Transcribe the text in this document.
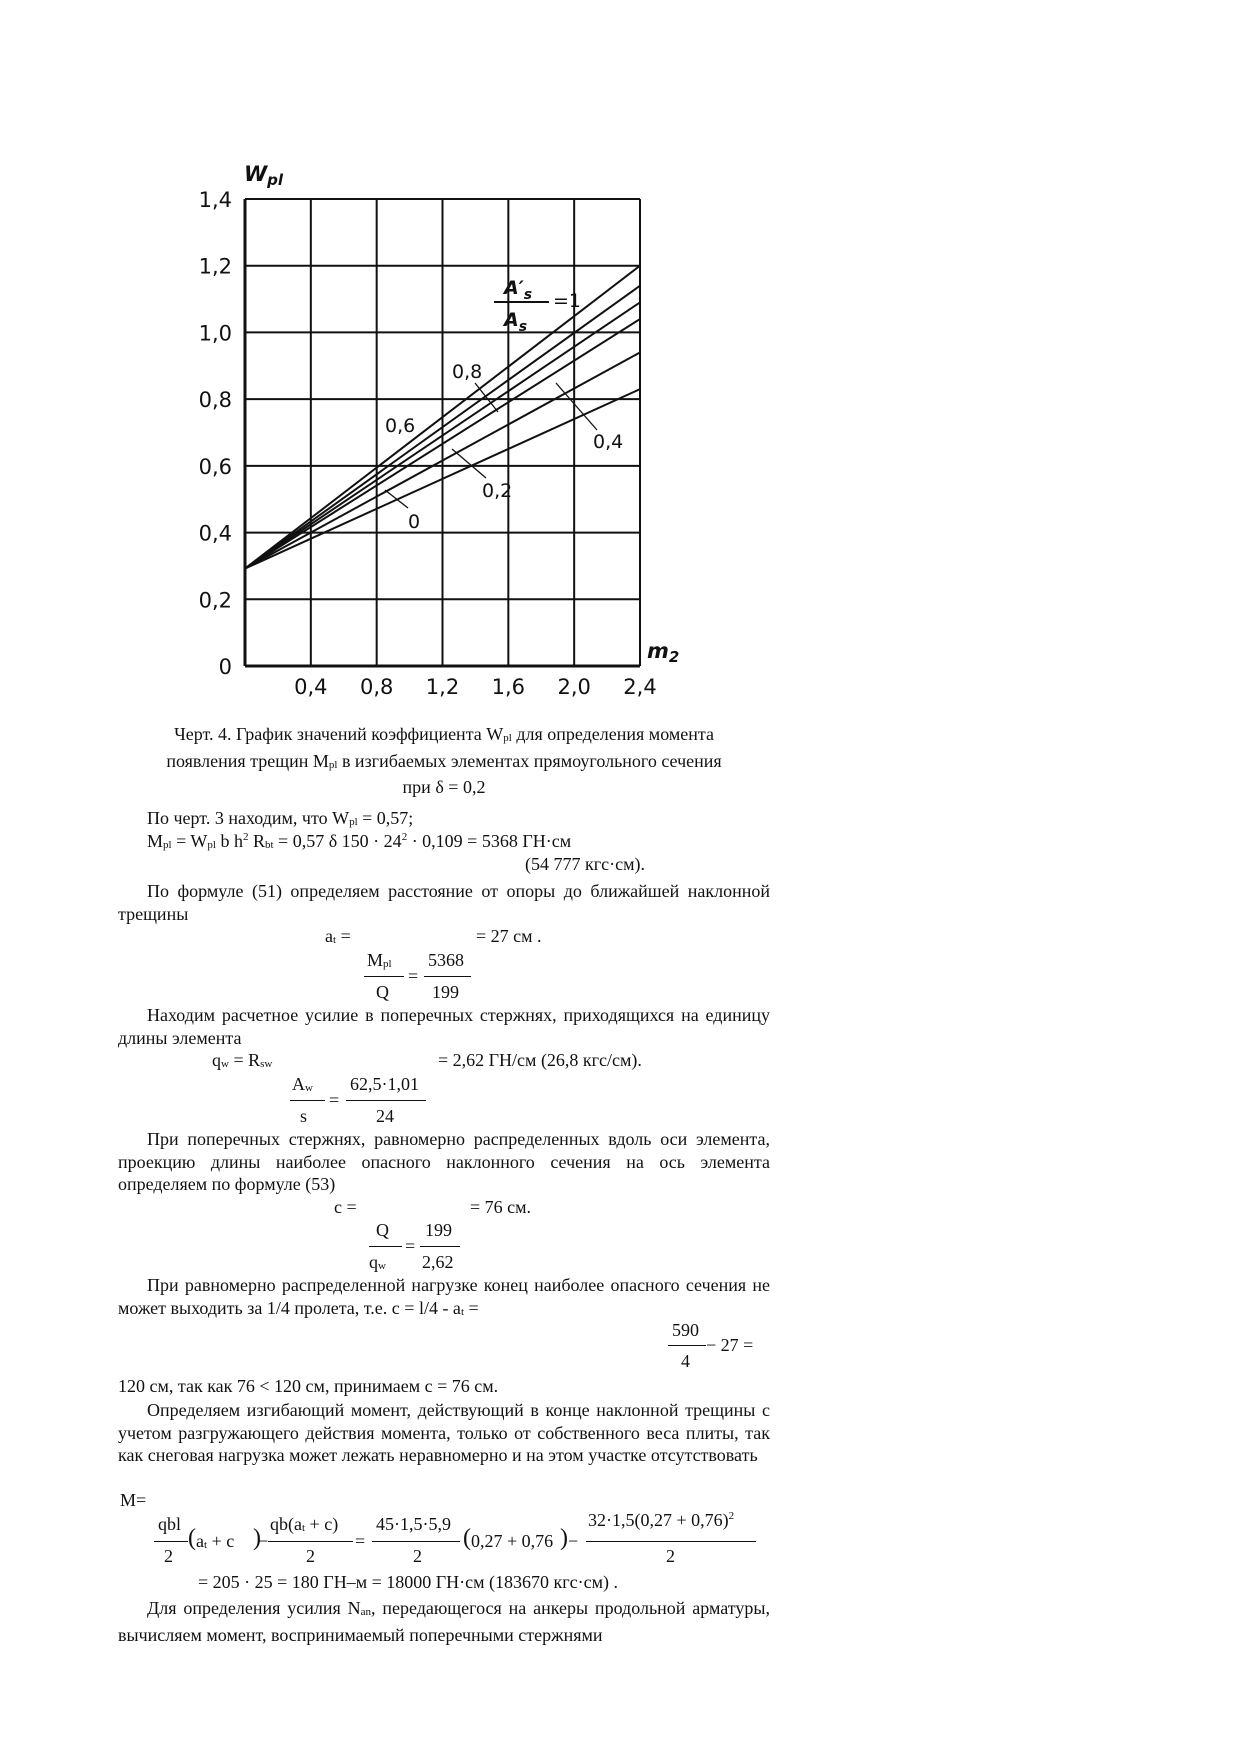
0
0,2
0,4
0,6
0,8
1,0
1,2
1,4
0,4 0,8 1,2 1,6 2,0 2,4
Wpl
m2
$A'_s$
$A_s$
=1
0,8
0,6
0,4
0,2
0
Черт. 4. График значений коэффициента $W_{pl}$ для определения момента
появления трещин $M_{pl}$ в изгибаемых элементах прямоугольного сечения
при δ = 0,2
По черт. 3 находим, что $W_{pl} = 0,57$;
$M_{pl} = W_{pl}$ b $h^2$ $R_{bt} = 0,57$ δ $150 \cdot 24^2 \cdot 0,109 = 5368$ ГН·см
(54 777 кгс·см).
По формуле (51) определяем расстояние от опоры до ближайшей наклонной трещины
$a_t$ =	= 27 см .
$M_{pl}$
Q
=
5368
199
Находим расчетное усилие в поперечных стержнях, приходящихся на единицу длины элемента
$q_w = R_{sw}$	= 2,62 ГН/см (26,8 кгс/см).
$A_w$
s
=
62,5·1,01
24
При поперечных стержнях, равномерно распределенных вдоль оси элемента, проекцию длины наиболее опасного наклонного сечения на ось элемента определяем по формуле (53)
c =	= 76 см.
Q
$q_w$
=
199
2,62
При равномерно распределенной нагрузке конец наиболее опасного сечения не может выходить за 1/4 пролета, т.е. $c = l/4 - a_t$ =
590
4
− 27 =
120 см, так как 76 < 120 см, принимаем c = 76 см.
Определяем изгибающий момент, действующий в конце наклонной трещины с учетом разгружающего действия момента, только от собственного веса плиты, так как снеговая нагрузка может лежать неравномерно и на этом участке отсутствовать
M=
qbl
2
( $a_t + c$ )
−
$qb(a_t + c)$
2
=
45·1,5·5,9
2
( 0,27 + 0,76 ) −
$32\cdot 1,5(0,27 + 0,76)^2$
2
= 205 · 25 = 180 ГН–м = 18000 ГН·см (183670 кгс·см) .
Для определения усилия $N_{an}$, передающегося на анкеры продольной арматуры, вычисляем момент, воспринимаемый поперечными стержнями
